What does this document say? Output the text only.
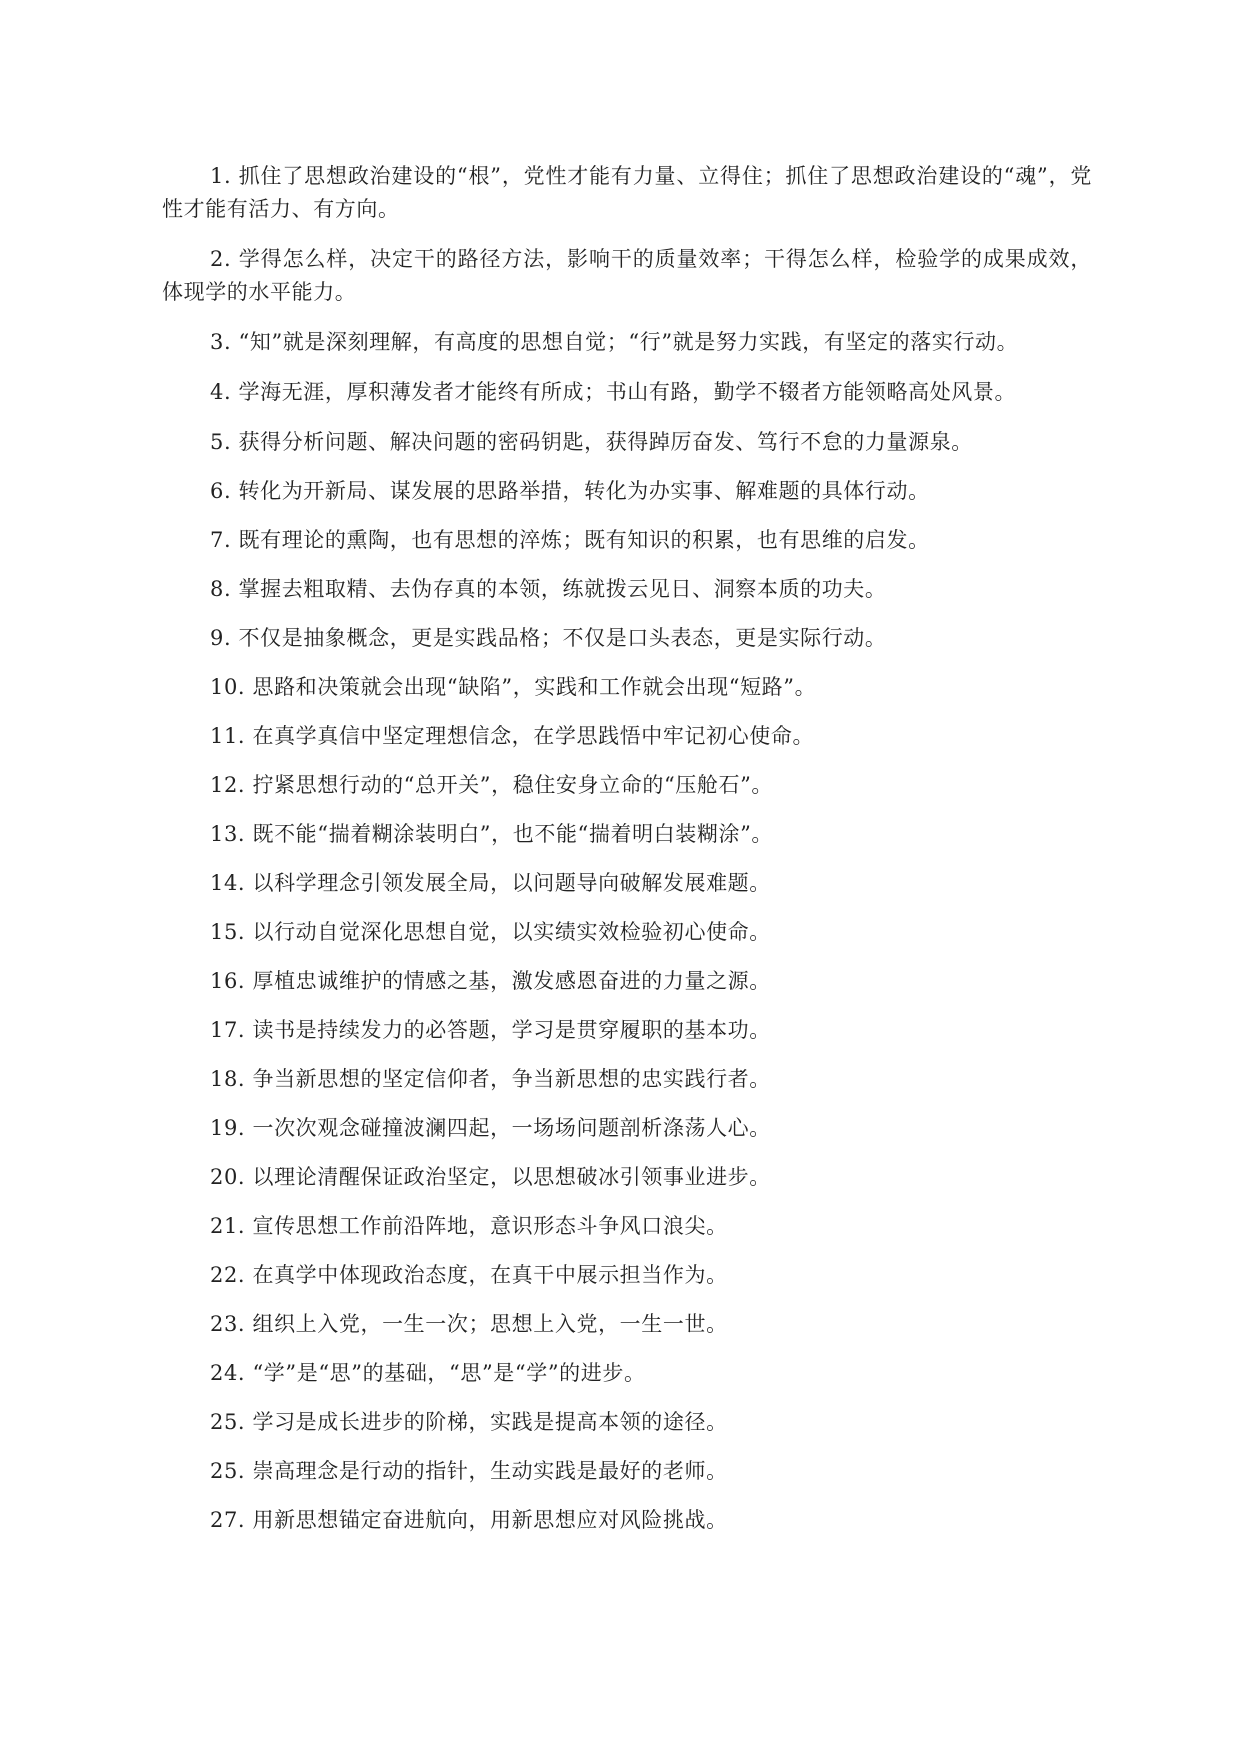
1. 抓住了思想政治建设的“根”，党性才能有力量、立得住；抓住了思想政治建设的“魂”，党性才能有活力、有方向。

2. 学得怎么样，决定干的路径方法，影响干的质量效率；干得怎么样，检验学的成果成效，体现学的水平能力。

3. “知”就是深刻理解，有高度的思想自觉；“行”就是努力实践，有坚定的落实行动。

4. 学海无涯，厚积薄发者才能终有所成；书山有路，勤学不辍者方能领略高处风景。

5. 获得分析问题、解决问题的密码钥匙，获得踔厉奋发、笃行不怠的力量源泉。

6. 转化为开新局、谋发展的思路举措，转化为办实事、解难题的具体行动。

7. 既有理论的熏陶，也有思想的淬炼；既有知识的积累，也有思维的启发。

8. 掌握去粗取精、去伪存真的本领，练就拨云见日、洞察本质的功夫。

9. 不仅是抽象概念，更是实践品格；不仅是口头表态，更是实际行动。

10. 思路和决策就会出现“缺陷”，实践和工作就会出现“短路”。

11. 在真学真信中坚定理想信念，在学思践悟中牢记初心使命。

12. 拧紧思想行动的“总开关”，稳住安身立命的“压舱石”。

13. 既不能“揣着糊涂装明白”，也不能“揣着明白装糊涂”。

14. 以科学理念引领发展全局，以问题导向破解发展难题。

15. 以行动自觉深化思想自觉，以实绩实效检验初心使命。

16. 厚植忠诚维护的情感之基，激发感恩奋进的力量之源。

17. 读书是持续发力的必答题，学习是贯穿履职的基本功。

18. 争当新思想的坚定信仰者，争当新思想的忠实践行者。

19. 一次次观念碰撞波澜四起，一场场问题剖析涤荡人心。

20. 以理论清醒保证政治坚定，以思想破冰引领事业进步。

21. 宣传思想工作前沿阵地，意识形态斗争风口浪尖。

22. 在真学中体现政治态度，在真干中展示担当作为。

23. 组织上入党，一生一次；思想上入党，一生一世。

24. “学”是“思”的基础，“思”是“学”的进步。

25. 学习是成长进步的阶梯，实践是提高本领的途径。

25. 崇高理念是行动的指针，生动实践是最好的老师。

27. 用新思想锚定奋进航向，用新思想应对风险挑战。
